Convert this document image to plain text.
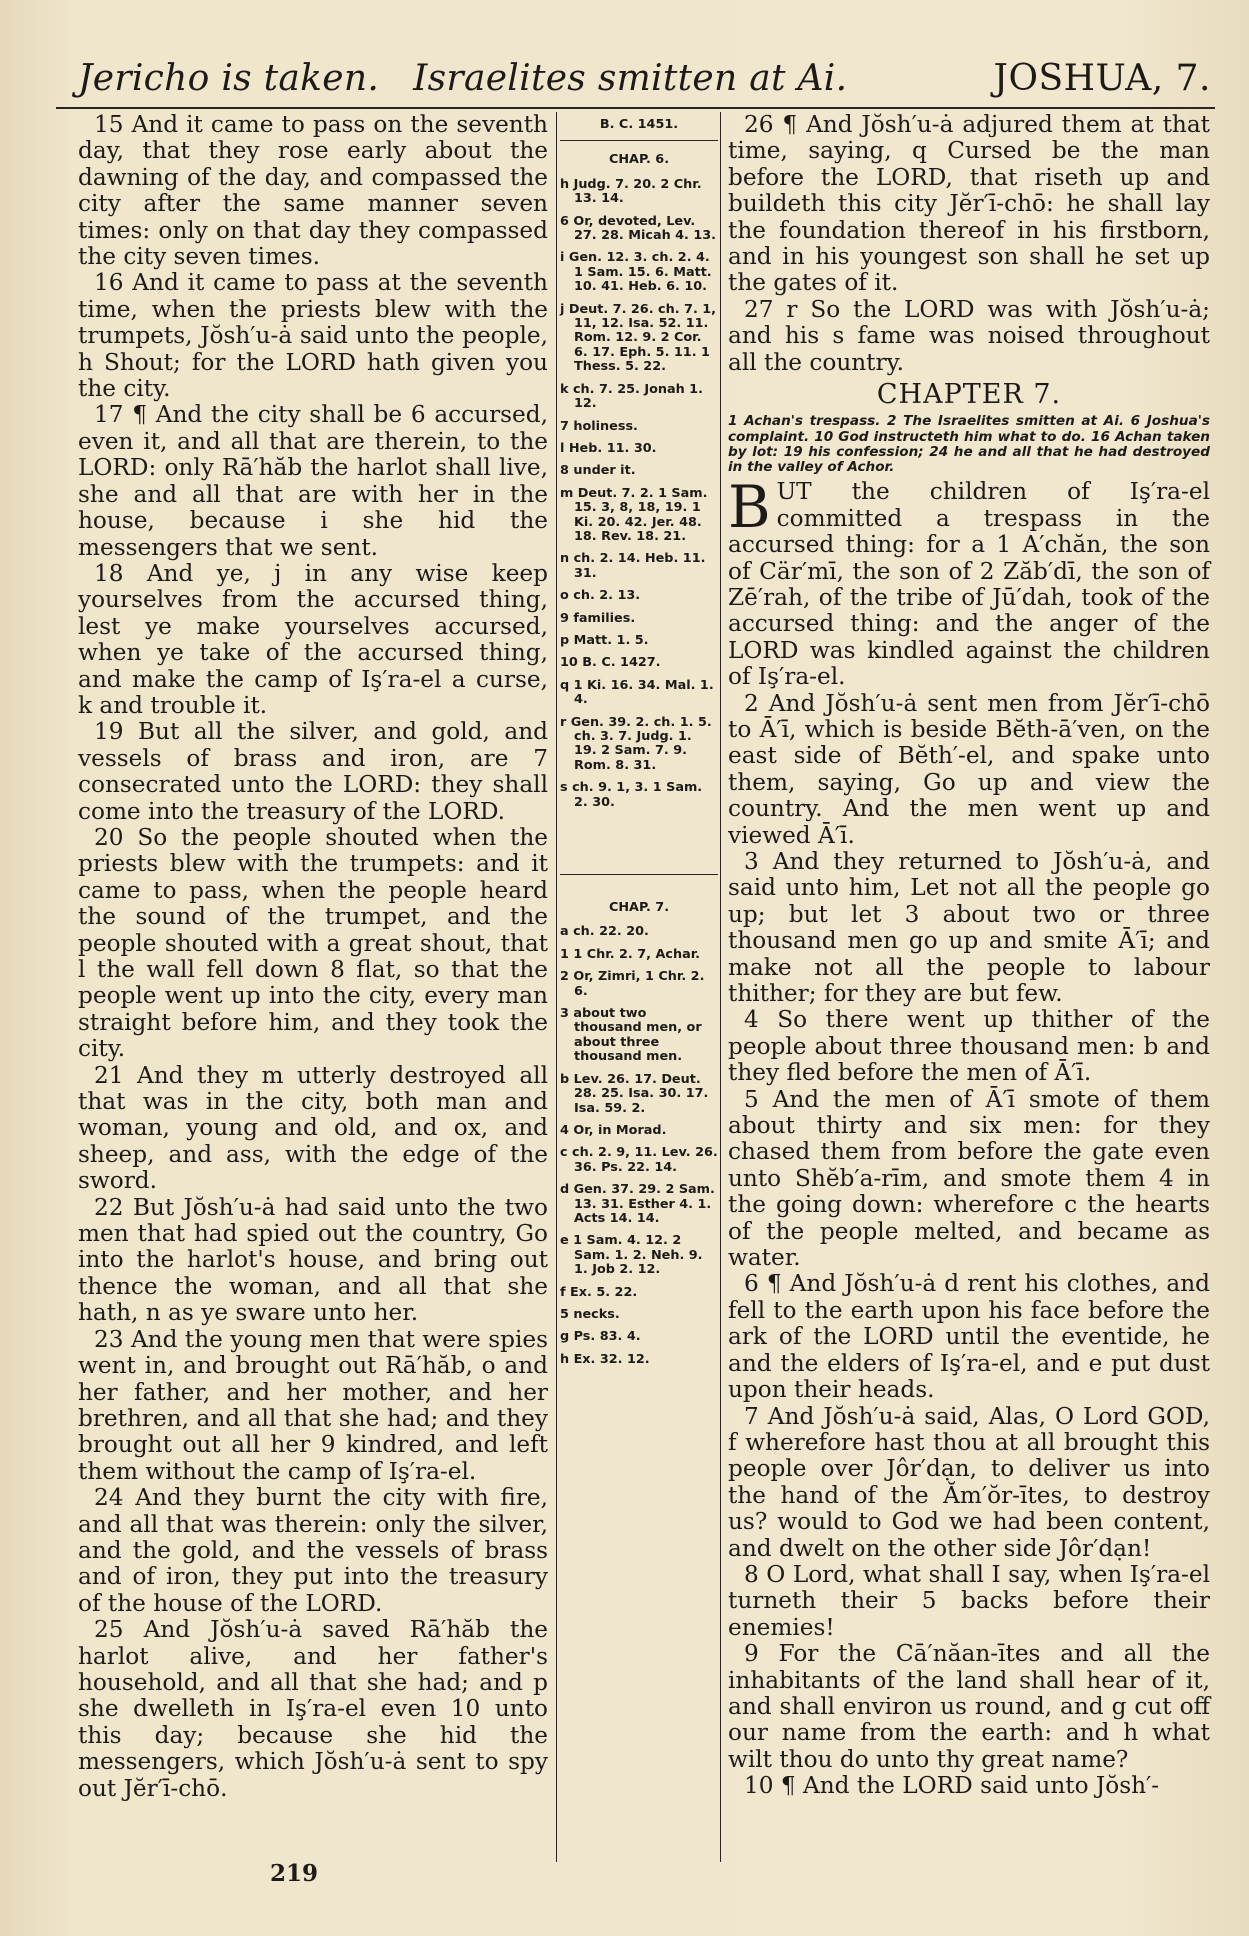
Jericho is taken. Israelites smitten at Ai.	JOSHUA, 7.

15 And it came to pass on the seventh day, that they rose early about the dawning of the day, and compassed the city after the same manner seven times: only on that day they compassed the city seven times.

16 And it came to pass at the seventh time, when the priests blew with the trumpets, Jŏsh′u-ȧ said unto the people, h Shout; for the LORD hath given you the city.

17 ¶ And the city shall be 6 accursed, even it, and all that are therein, to the LORD: only Rā′hăb the harlot shall live, she and all that are with her in the house, because i she hid the messengers that we sent.

18 And ye, j in any wise keep yourselves from the accursed thing, lest ye make yourselves accursed, when ye take of the accursed thing, and make the camp of Iş′ra-el a curse, k and trouble it.

19 But all the silver, and gold, and vessels of brass and iron, are 7 consecrated unto the LORD: they shall come into the treasury of the LORD.

20 So the people shouted when the priests blew with the trumpets: and it came to pass, when the people heard the sound of the trumpet, and the people shouted with a great shout, that l the wall fell down 8 flat, so that the people went up into the city, every man straight before him, and they took the city.

21 And they m utterly destroyed all that was in the city, both man and woman, young and old, and ox, and sheep, and ass, with the edge of the sword.

22 But Jŏsh′u-ȧ had said unto the two men that had spied out the country, Go into the harlot's house, and bring out thence the woman, and all that she hath, n as ye sware unto her.

23 And the young men that were spies went in, and brought out Rā′hăb, o and her father, and her mother, and her brethren, and all that she had; and they brought out all her 9 kindred, and left them without the camp of Iş′ra-el.

24 And they burnt the city with fire, and all that was therein: only the silver, and the gold, and the vessels of brass and of iron, they put into the treasury of the house of the LORD.

25 And Jŏsh′u-ȧ saved Rā′hăb the harlot alive, and her father's household, and all that she had; and p she dwelleth in Iş′ra-el even 10 unto this day; because she hid the messengers, which Jŏsh′u-ȧ sent to spy out Jĕr′ī-chō.

B. C. 1451.
CHAP. 6.
h Judg. 7. 20. 2 Chr. 13. 14.
6 Or, devoted, Lev. 27. 28. Micah 4. 13.
i Gen. 12. 3. ch. 2. 4. 1 Sam. 15. 6. Matt. 10. 41. Heb. 6. 10.
j Deut. 7. 26. ch. 7. 1, 11, 12. Isa. 52. 11. Rom. 12. 9. 2 Cor. 6. 17. Eph. 5. 11. 1 Thess. 5. 22.
k ch. 7. 25. Jonah 1. 12.
7 holiness.
l Heb. 11. 30.
8 under it.
m Deut. 7. 2. 1 Sam. 15. 3, 8, 18, 19. 1 Ki. 20. 42. Jer. 48. 18. Rev. 18. 21.
n ch. 2. 14. Heb. 11. 31.
o ch. 2. 13.
9 families.
p Matt. 1. 5.
10 B. C. 1427.
q 1 Ki. 16. 34. Mal. 1. 4.
r Gen. 39. 2. ch. 1. 5. ch. 3. 7. Judg. 1. 19. 2 Sam. 7. 9. Rom. 8. 31.
s ch. 9. 1, 3. 1 Sam. 2. 30.
CHAP. 7.
a ch. 22. 20.
1 1 Chr. 2. 7, Achar.
2 Or, Zimri, 1 Chr. 2. 6.
3 about two thousand men, or about three thousand men.
b Lev. 26. 17. Deut. 28. 25. Isa. 30. 17. Isa. 59. 2.
4 Or, in Morad.
c ch. 2. 9, 11. Lev. 26. 36. Ps. 22. 14.
d Gen. 37. 29. 2 Sam. 13. 31. Esther 4. 1. Acts 14. 14.
e 1 Sam. 4. 12. 2 Sam. 1. 2. Neh. 9. 1. Job 2. 12.
f Ex. 5. 22.
5 necks.
g Ps. 83. 4.
h Ex. 32. 12.

26 ¶ And Jŏsh′u-ȧ adjured them at that time, saying, q Cursed be the man before the LORD, that riseth up and buildeth this city Jĕr′ī-chō: he shall lay the foundation thereof in his firstborn, and in his youngest son shall he set up the gates of it.

27 r So the LORD was with Jŏsh′u-ȧ; and his s fame was noised throughout all the country.

CHAPTER 7.
1 Achan's trespass. 2 The Israelites smitten at Ai. 6 Joshua's complaint. 10 God instructeth him what to do. 16 Achan taken by lot: 19 his confession; 24 he and all that he had destroyed in the valley of Achor.

BUT the children of Iş′ra-el committed a trespass in the accursed thing: for a 1 A′chăn, the son of Cär′mī, the son of 2 Zăb′dī, the son of Zē′rah, of the tribe of Jū′dah, took of the accursed thing: and the anger of the LORD was kindled against the children of Iş′ra-el.

2 And Jŏsh′u-ȧ sent men from Jĕr′ī-chō to Ā′ī, which is beside Bĕth-ā′ven, on the east side of Bĕth′-el, and spake unto them, saying, Go up and view the country. And the men went up and viewed Ā′ī.

3 And they returned to Jŏsh′u-ȧ, and said unto him, Let not all the people go up; but let 3 about two or three thousand men go up and smite Ā′ī; and make not all the people to labour thither; for they are but few.

4 So there went up thither of the people about three thousand men: b and they fled before the men of Ā′ī.

5 And the men of Ā′ī smote of them about thirty and six men: for they chased them from before the gate even unto Shĕb′a-rīm, and smote them 4 in the going down: wherefore c the hearts of the people melted, and became as water.

6 ¶ And Jŏsh′u-ȧ d rent his clothes, and fell to the earth upon his face before the ark of the LORD until the eventide, he and the elders of Iş′ra-el, and e put dust upon their heads.

7 And Jŏsh′u-ȧ said, Alas, O Lord GOD, f wherefore hast thou at all brought this people over Jôr′dạn, to deliver us into the hand of the Ăm′ŏr-ītes, to destroy us? would to God we had been content, and dwelt on the other side Jôr′dạn!

8 O Lord, what shall I say, when Iş′ra-el turneth their 5 backs before their enemies!

9 For the Cā′năan-ītes and all the inhabitants of the land shall hear of it, and shall environ us round, and g cut off our name from the earth: and h what wilt thou do unto thy great name?

10 ¶ And the LORD said unto Jŏsh′-

219
